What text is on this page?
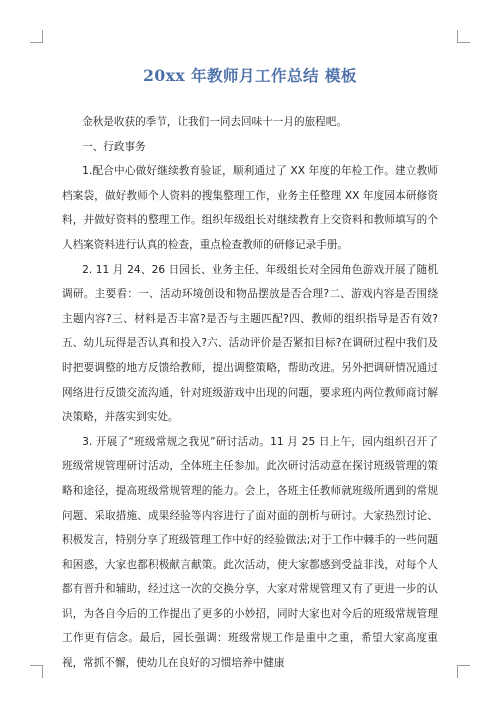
20xx 年教师月工作总结 模板

金秋是收获的季节，让我们一同去回味十一月的旅程吧。

一、行政事务

1.配合中心做好继续教育验证，顺利通过了 XX 年度的年检工作。建立教师档案袋，做好教师个人资料的搜集整理工作，业务主任整理 XX 年度园本研修资料，并做好资料的整理工作。组织年级组长对继续教育上交资料和教师填写的个人档案资料进行认真的检查，重点检查教师的研修记录手册。

2. 11 月 24、26 日园长、业务主任、年级组长对全园角色游戏开展了随机调研。主要看：一、活动环境创设和物品摆放是否合理?二、游戏内容是否围绕主题内容?三、材料是否丰富?是否与主题匹配?四、教师的组织指导是否有效?五、幼儿玩得是否认真和投入?六、活动评价是否紧扣目标?在调研过程中我们及时把要调整的地方反馈给教师，提出调整策略，帮助改进。另外把调研情况通过网络进行反馈交流沟通，针对班级游戏中出现的问题，要求班内两位教师商讨解决策略，并落实到实处。

3. 开展了“班级常规之我见”研讨活动。11 月 25 日上午，园内组织召开了班级常规管理研讨活动，全体班主任参加。此次研讨活动意在探讨班级管理的策略和途径，提高班级常规管理的能力。会上，各班主任教师就班级所遇到的常规问题、采取措施、成果经验等内容进行了面对面的剖析与研讨。大家热烈讨论、积极发言，特别分享了班级管理工作中好的经验做法;对于工作中棘手的一些问题和困惑，大家也都积极献言献策。此次活动，使大家都感到受益非浅，对每个人都有晋升和辅助，经过这一次的交换分享，大家对常规管理又有了更进一步的认识，为各自今后的工作提出了更多的小妙招，同时大家也对今后的班级常规管理工作更有信念。最后，园长强调：班级常规工作是重中之重，希望大家高度重视，常抓不懈，使幼儿在良好的习惯培养中健康
